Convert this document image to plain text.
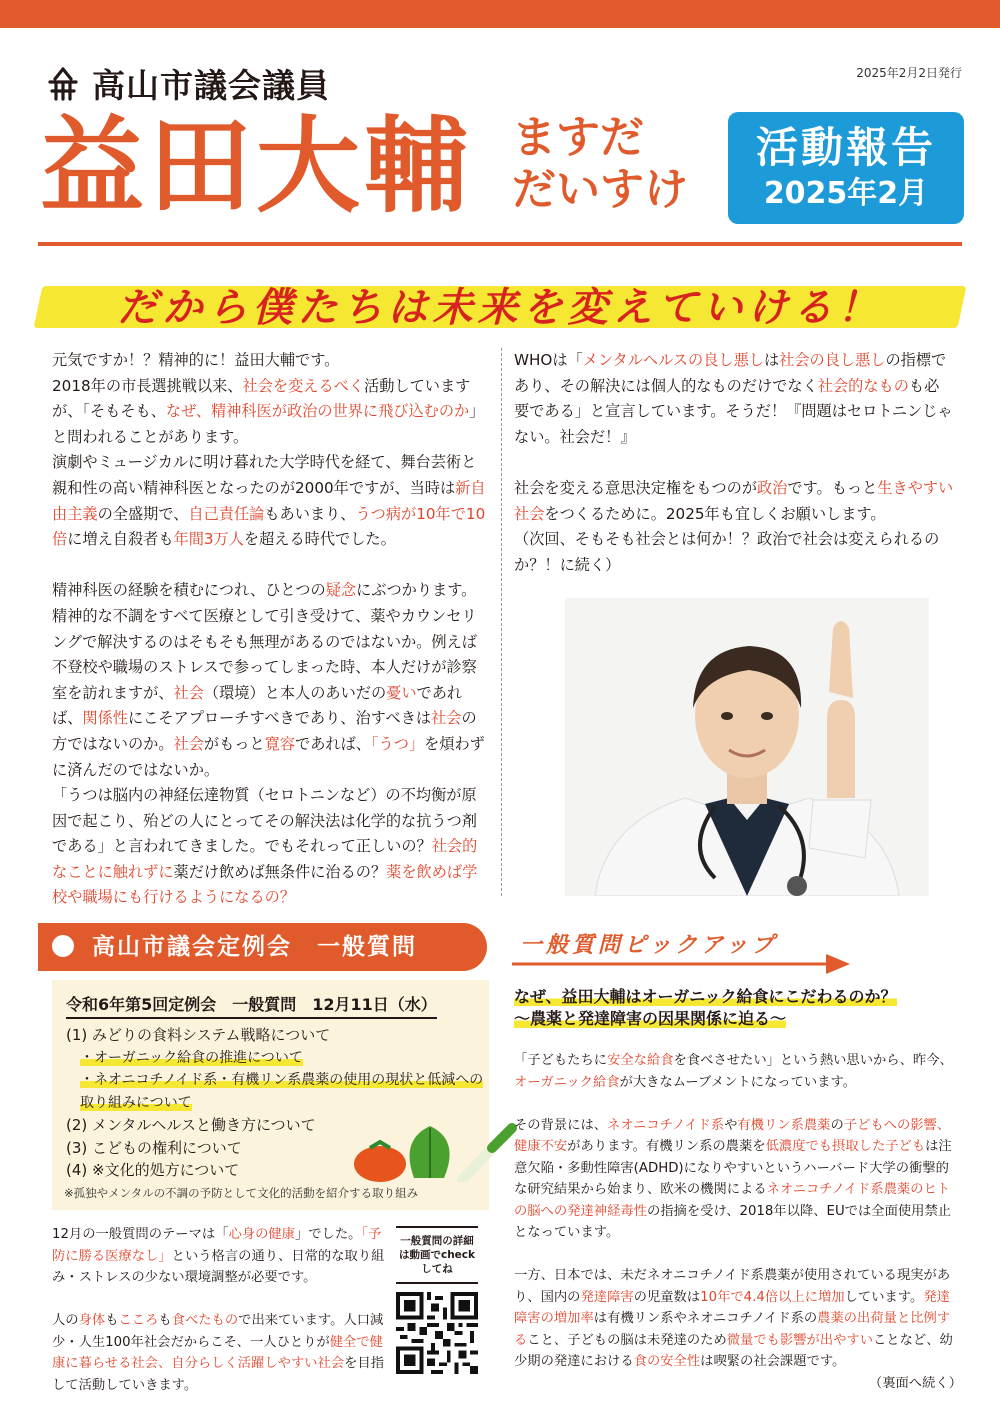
2025年2月2日発行
高山市議会議員
益田大輔 ますだ
だいすけ
活動報告
2025年2月
だから僕たちは未来を変えていける！
元気ですか！？精神的に！益田大輔です。
2018年の市長選挑戦以来、社会を変えるべく活動していますが、「そもそも、なぜ、精神科医が政治の世界に飛び込むのか」と問われることがあります。
演劇やミュージカルに明け暮れた大学時代を経て、舞台芸術と親和性の高い精神科医となったのが2000年ですが、当時は新自由主義の全盛期で、自己責任論もあいまり、うつ病が10年で10倍に増え自殺者も年間3万人を超える時代でした。

精神科医の経験を積むにつれ、ひとつの疑念にぶつかります。精神的な不調をすべて医療として引き受けて、薬やカウンセリングで解決するのはそもそも無理があるのではないか。例えば不登校や職場のストレスで参ってしまった時、本人だけが診察室を訪れますが、社会（環境）と本人のあいだの憂いであれば、関係性にこそアプローチすべきであり、治すべきは社会の方ではないのか。社会がもっと寛容であれば、「うつ」を煩わずに済んだのではないか。
「うつは脳内の神経伝達物質（セロトニンなど）の不均衡が原因で起こり、殆どの人にとってその解決法は化学的な抗うつ剤である」と言われてきました。でもそれって正しいの？社会的なことに触れずに薬だけ飲めば無条件に治るの？薬を飲めば学校や職場にも行けるようになるの？
WHOは「メンタルヘルスの良し悪しは社会の良し悪しの指標であり、その解決には個人的なものだけでなく社会的なものも必要である」と宣言しています。そうだ！『問題はセロトニンじゃない。社会だ！』

社会を変える意思決定権をもつのが政治です。もっと生きやすい社会をつくるために。2025年も宜しくお願いします。
（次回、そもそも社会とは何か！？政治で社会は変えられるのか？！に続く）
高山市議会定例会　一般質問
令和6年第5回定例会　一般質問　12月11日（水）
(1) みどりの食料システム戦略について
・オーガニック給食の推進について
・ネオニコチノイド系・有機リン系農薬の使用の現状と低減への取り組みについて
(2) メンタルヘルスと働き方について
(3) こどもの権利について
(4) ※文化的処方について
※孤独やメンタルの不調の予防として文化的活動を紹介する取り組み
12月の一般質問のテーマは「心身の健康」でした。「予防に勝る医療なし」という格言の通り、日常的な取り組み・ストレスの少ない環境調整が必要です。

人の身体もこころも食べたもので出来ています。人口減少・人生100年社会だからこそ、一人ひとりが健全で健康に暮らせる社会、自分らしく活躍しやすい社会を目指して活動していきます。
一般質問の詳細は動画でcheckしてね
一般質問ピックアップ
なぜ、益田大輔はオーガニック給食にこだわるのか？
～農薬と発達障害の因果関係に迫る～
「子どもたちに安全な給食を食べさせたい」という熱い思いから、昨今、オーガニック給食が大きなムーブメントになっています。

その背景には、ネオニコチノイド系や有機リン系農薬の子どもへの影響、健康不安があります。有機リン系の農薬を低濃度でも摂取した子どもは注意欠陥・多動性障害(ADHD)になりやすいというハーバード大学の衝撃的な研究結果から始まり、欧米の機関によるネオニコチノイド系農薬のヒトの脳への発達神経毒性の指摘を受け、2018年以降、EUでは全面使用禁止となっています。

一方、日本では、未だネオニコチノイド系農薬が使用されている現実があり、国内の発達障害の児童数は10年で4.4倍以上に増加しています。発達障害の増加率は有機リン系やネオニコチノイド系の農薬の出荷量と比例すること、子どもの脳は未発達のため微量でも影響が出やすいことなど、幼少期の発達における食の安全性は喫緊の社会課題です。
（裏面へ続く）
